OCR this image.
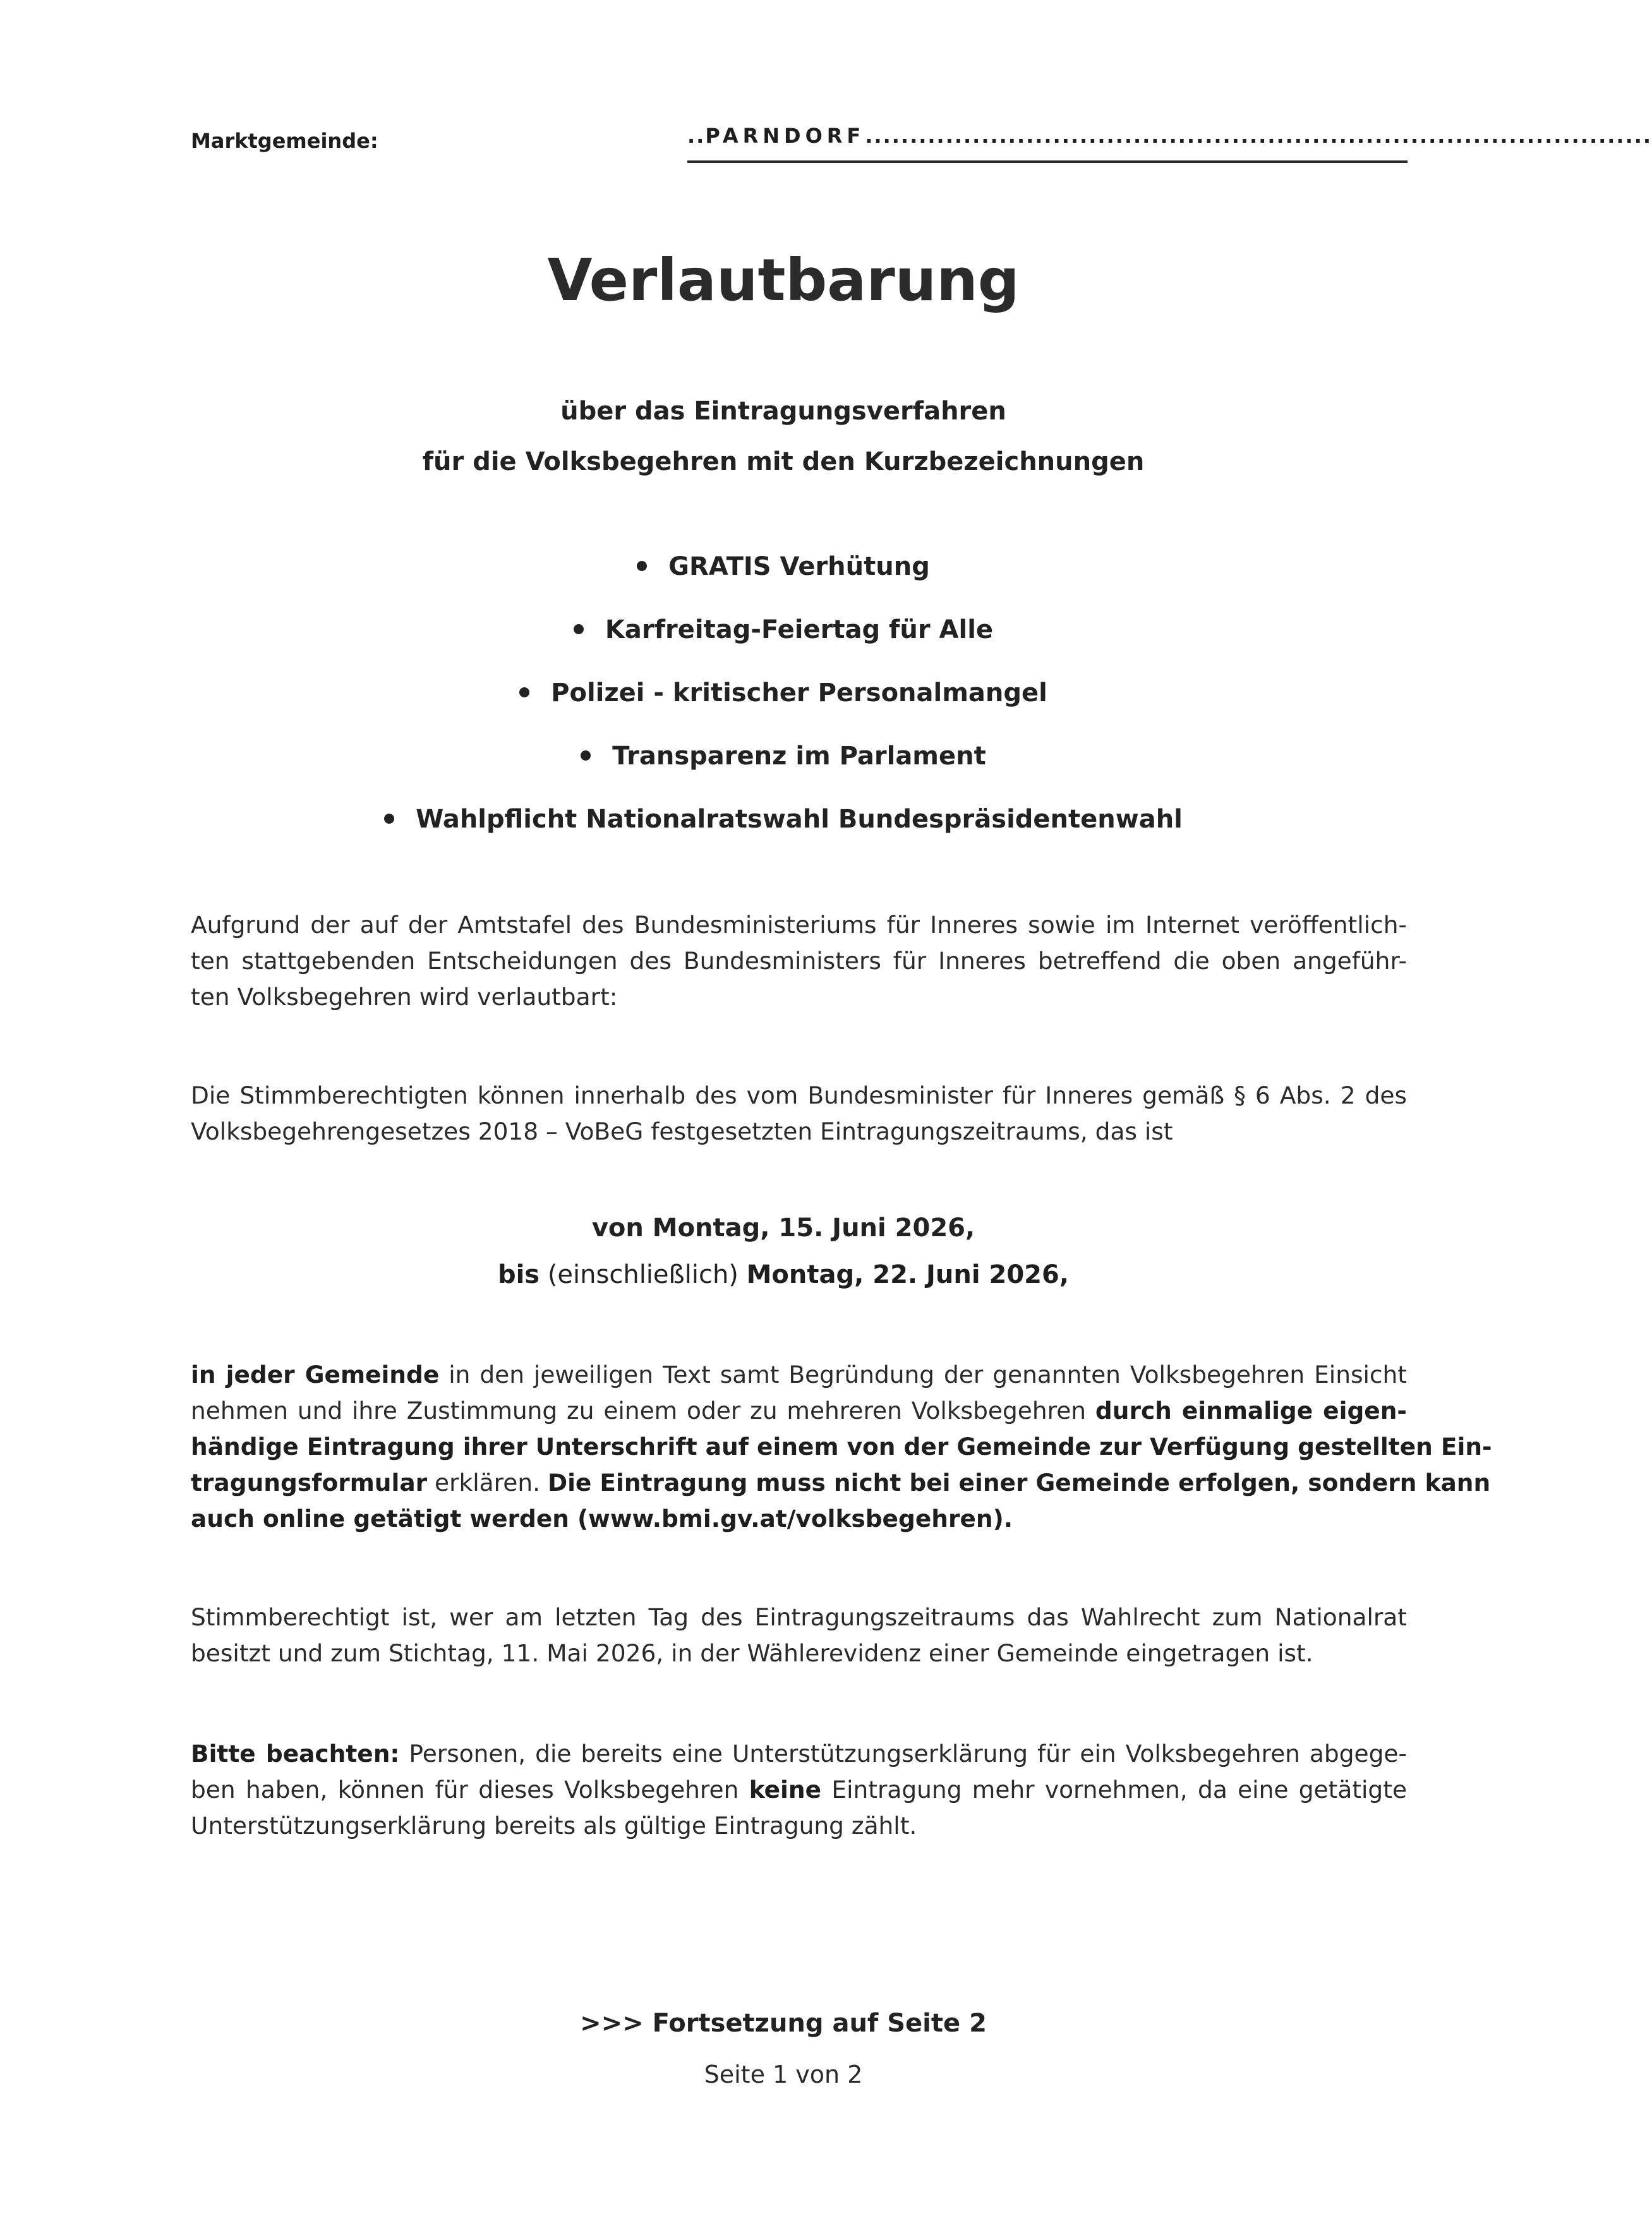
Marktgemeinde:	..PARNDORF........................................................................................
Verlautbarung
über das Eintragungsverfahren
für die Volksbegehren mit den Kurzbezeichnungen
GRATIS Verhütung
Karfreitag-Feiertag für Alle
Polizei - kritischer Personalmangel
Transparenz im Parlament
Wahlpflicht Nationalratswahl Bundespräsidentenwahl
Aufgrund der auf der Amtstafel des Bundesministeriums für Inneres sowie im Internet veröffentlich-
ten stattgebenden Entscheidungen des Bundesministers für Inneres betreffend die oben angeführ-
ten Volksbegehren wird verlautbart:
Die Stimmberechtigten können innerhalb des vom Bundesminister für Inneres gemäß § 6 Abs. 2 des
Volksbegehrengesetzes 2018 – VoBeG festgesetzten Eintragungszeitraums, das ist
von Montag, 15. Juni 2026,
bis (einschließlich) Montag, 22. Juni 2026,
in jeder Gemeinde in den jeweiligen Text samt Begründung der genannten Volksbegehren Einsicht
nehmen und ihre Zustimmung zu einem oder zu mehreren Volksbegehren durch einmalige eigen-
händige Eintragung ihrer Unterschrift auf einem von der Gemeinde zur Verfügung gestellten Ein-
tragungsformular erklären. Die Eintragung muss nicht bei einer Gemeinde erfolgen, sondern kann
auch online getätigt werden (www.bmi.gv.at/volksbegehren).
Stimmberechtigt ist, wer am letzten Tag des Eintragungszeitraums das Wahlrecht zum Nationalrat
besitzt und zum Stichtag, 11. Mai 2026, in der Wählerevidenz einer Gemeinde eingetragen ist.
Bitte beachten: Personen, die bereits eine Unterstützungserklärung für ein Volksbegehren abgege-
ben haben, können für dieses Volksbegehren keine Eintragung mehr vornehmen, da eine getätigte
Unterstützungserklärung bereits als gültige Eintragung zählt.
>>> Fortsetzung auf Seite 2
Seite 1 von 2
